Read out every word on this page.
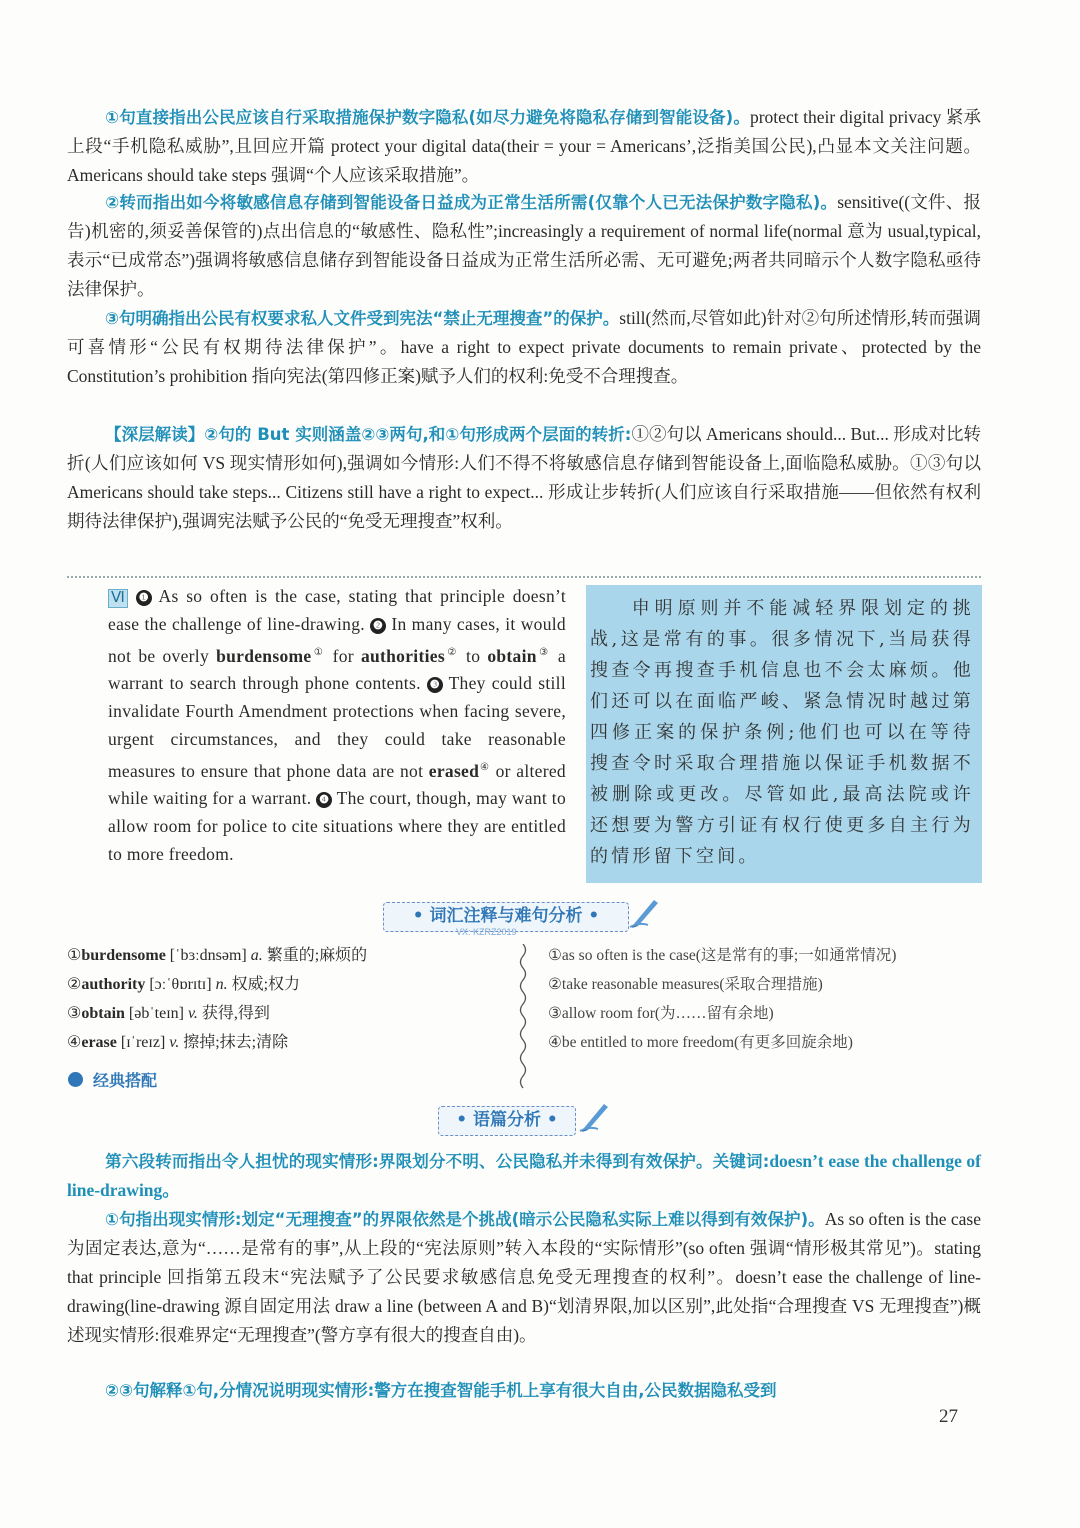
①句直接指出公民应该自行采取措施保护数字隐私(如尽力避免将隐私存储到智能设备)。protect their digital privacy 紧承上段“手机隐私威胁”,且回应开篇 protect your digital data(their = your = Americans’,泛指美国公民),凸显本文关注问题。Americans should take steps 强调“个人应该采取措施”。

②转而指出如今将敏感信息存储到智能设备日益成为正常生活所需(仅靠个人已无法保护数字隐私)。sensitive((文件、报告)机密的,须妥善保管的)点出信息的“敏感性、隐私性”;increasingly a requirement of normal life(normal 意为 usual,typical,表示“已成常态”)强调将敏感信息储存到智能设备日益成为正常生活所必需、无可避免;两者共同暗示个人数字隐私亟待法律保护。

③句明确指出公民有权要求私人文件受到宪法“禁止无理搜查”的保护。still(然而,尽管如此)针对②句所述情形,转而强调可喜情形“公民有权期待法律保护”。have a right to expect private documents to remain private、protected by the Constitution’s prohibition 指向宪法(第四修正案)赋予人们的权利:免受不合理搜查。

【深层解读】②句的 But 实则涵盖②③两句,和①句形成两个层面的转折:①②句以 Americans should... But... 形成对比转折(人们应该如何 VS 现实情形如何),强调如今情形:人们不得不将敏感信息存储到智能设备上,面临隐私威胁。①③句以 Americans should take steps... Citizens still have a right to expect... 形成让步转折(人们应该自行采取措施——但依然有权利期待法律保护),强调宪法赋予公民的“免受无理搜查”权利。

Ⅵ ❶ As so often is the case, stating that principle doesn’t ease the challenge of line-drawing. ❷ In many cases, it would not be overly burdensome① for authorities② to obtain③ a warrant to search through phone contents. ❸ They could still invalidate Fourth Amendment protections when facing severe, urgent circumstances, and they could take reasonable measures to ensure that phone data are not erased④ or altered while waiting for a warrant. ❹ The court, though, may want to allow room for police to cite situations where they are entitled to more freedom.
申明原则并不能减轻界限划定的挑战,这是常有的事。很多情况下,当局获得搜查令再搜查手机信息也不会太麻烦。他们还可以在面临严峻、紧急情况时越过第四修正案的保护条例;他们也可以在等待搜查令时采取合理措施以保证手机数据不被删除或更改。尽管如此,最高法院或许还想要为警方引证有权行使更多自主行为的情形留下空间。
• 词汇注释与难句分析 •
VX: KZRZ2019
①burdensome [ˈbɜːdnsəm] a. 繁重的;麻烦的
②authority [ɔːˈθɒrɪtɪ] n. 权威;权力
③obtain [əbˈteɪn] v. 获得,得到
④erase [ɪˈreɪz] v. 擦掉;抹去;清除
①as so often is the case(这是常有的事;一如通常情况)
②take reasonable measures(采取合理措施)
③allow room for(为……留有余地)
④be entitled to more freedom(有更多回旋余地)
经典搭配
• 语篇分析 •

第六段转而指出令人担忧的现实情形:界限划分不明、公民隐私并未得到有效保护。关键词:doesn’t ease the challenge of line-drawing。

①句指出现实情形:划定“无理搜查”的界限依然是个挑战(暗示公民隐私实际上难以得到有效保护)。As so often is the case 为固定表达,意为“……是常有的事”,从上段的“宪法原则”转入本段的“实际情形”(so often 强调“情形极其常见”)。stating that principle 回指第五段末“宪法赋予了公民要求敏感信息免受无理搜查的权利”。doesn’t ease the challenge of line-drawing(line-drawing 源自固定用法 draw a line (between A and B)“划清界限,加以区别”,此处指“合理搜查 VS 无理搜查”)概述现实情形:很难界定“无理搜查”(警方享有很大的搜查自由)。

②③句解释①句,分情况说明现实情形:警方在搜查智能手机上享有很大自由,公民数据隐私受到

27
